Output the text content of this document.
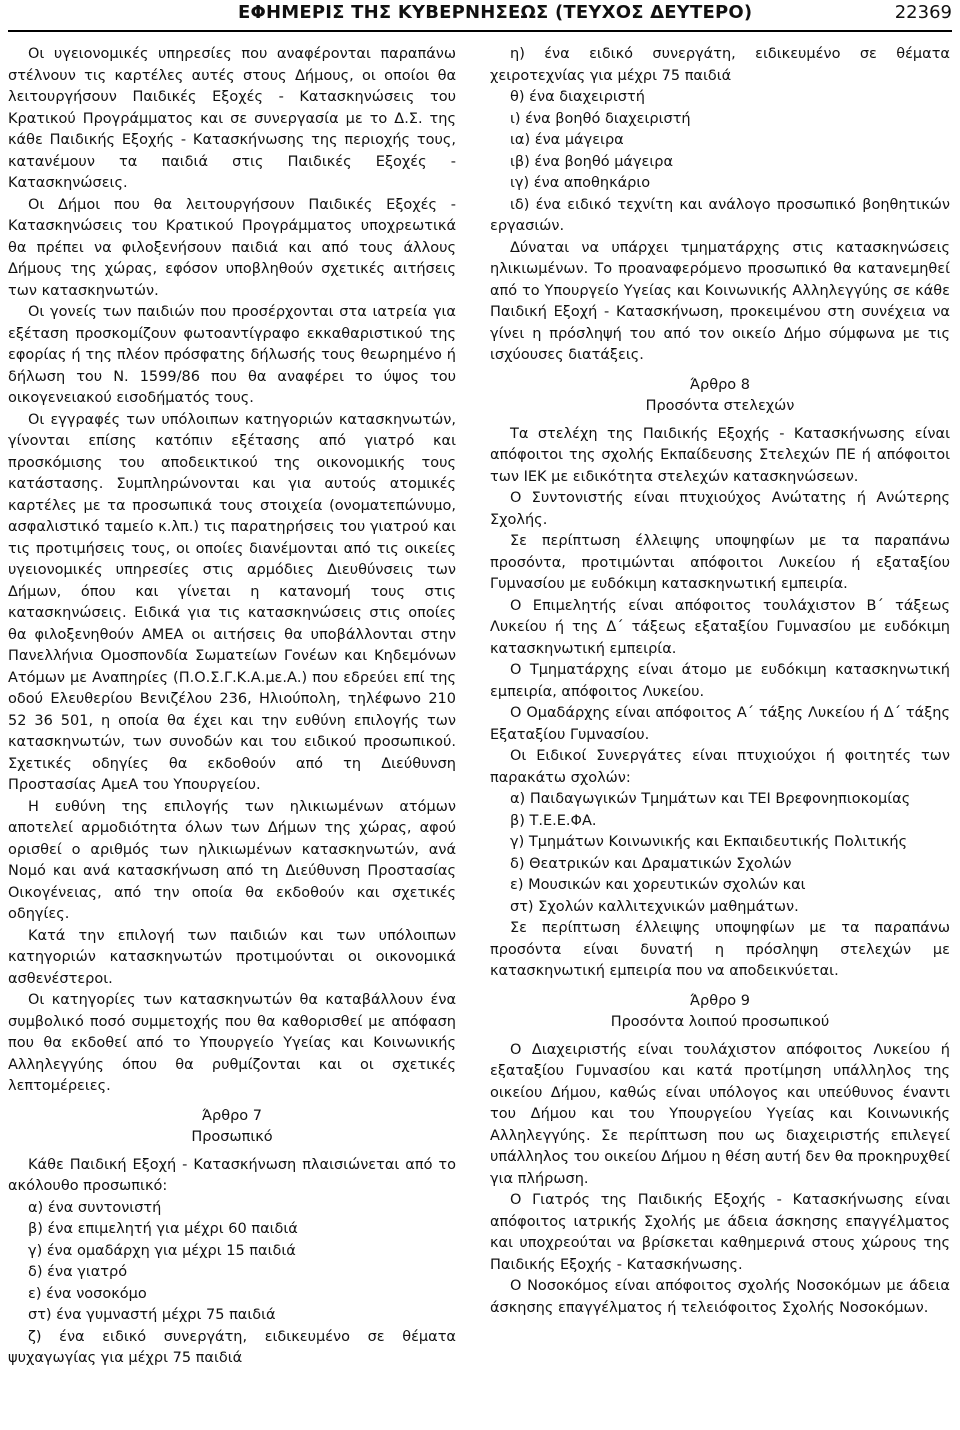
ΕΦΗΜΕΡΙΣ ΤΗΣ ΚΥΒΕΡΝΗΣΕΩΣ (ΤΕΥΧΟΣ ΔΕΥΤΕΡΟ)	22369

Οι υγειονομικές υπηρεσίες που αναφέρονται παραπάνω στέλνουν τις καρτέλες αυτές στους Δήμους, οι οποίοι θα λειτουργήσουν Παιδικές Εξοχές - Κατασκηνώσεις του Κρατικού Προγράμματος και σε συνεργασία με το Δ.Σ. της κάθε Παιδικής Εξοχής - Κατασκήνωσης της περιοχής τους, κατανέμουν τα παιδιά στις Παιδικές Εξοχές - Κατασκηνώσεις.

Οι Δήμοι που θα λειτουργήσουν Παιδικές Εξοχές - Κατασκηνώσεις του Κρατικού Προγράμματος υποχρεωτικά θα πρέπει να φιλοξενήσουν παιδιά και από τους άλλους Δήμους της χώρας, εφόσον υποβληθούν σχετικές αιτήσεις των κατασκηνωτών.

Οι γονείς των παιδιών που προσέρχονται στα ιατρεία για εξέταση προσκομίζουν φωτοαντίγραφο εκκαθαριστικού της εφορίας ή της πλέον πρόσφατης δήλωσής τους θεωρημένο ή δήλωση του Ν. 1599/86 που θα αναφέρει το ύψος του οικογενειακού εισοδήματός τους.

Οι εγγραφές των υπόλοιπων κατηγοριών κατασκηνωτών, γίνονται επίσης κατόπιν εξέτασης από γιατρό και προσκόμισης του αποδεικτικού της οικονομικής τους κατάστασης. Συμπληρώνονται και για αυτούς ατομικές καρτέλες με τα προσωπικά τους στοιχεία (ονοματεπώνυμο, ασφαλιστικό ταμείο κ.λπ.) τις παρατηρήσεις του γιατρού και τις προτιμήσεις τους, οι οποίες διανέμονται από τις οικείες υγειονομικές υπηρεσίες στις αρμόδιες Διευθύνσεις των Δήμων, όπου και γίνεται η κατανομή τους στις κατασκηνώσεις. Ειδικά για τις κατασκηνώσεις στις οποίες θα φιλοξενηθούν ΑΜΕΑ οι αιτήσεις θα υποβάλλονται στην Πανελλήνια Ομοσπονδία Σωματείων Γονέων και Κηδεμόνων Ατόμων με Αναπηρίες (Π.Ο.Σ.Γ.Κ.Α.με.Α.) που εδρεύει επί της οδού Ελευθερίου Βενιζέλου 236, Ηλιούπολη, τηλέφωνο 210 52 36 501, η οποία θα έχει και την ευθύνη επιλογής των κατασκηνωτών, των συνοδών και του ειδικού προσωπικού. Σχετικές οδηγίες θα εκδοθούν από τη Διεύθυνση Προστασίας ΑμεΑ του Υπουργείου.

Η ευθύνη της επιλογής των ηλικιωμένων ατόμων αποτελεί αρμοδιότητα όλων των Δήμων της χώρας, αφού ορισθεί ο αριθμός των ηλικιωμένων κατασκηνωτών, ανά Νομό και ανά κατασκήνωση από τη Διεύθυνση Προστασίας Οικογένειας, από την οποία θα εκδοθούν και σχετικές οδηγίες.

Κατά την επιλογή των παιδιών και των υπόλοιπων κατηγοριών κατασκηνωτών προτιμούνται οι οικονομικά ασθενέστεροι.

Οι κατηγορίες των κατασκηνωτών θα καταβάλλουν ένα συμβολικό ποσό συμμετοχής που θα καθορισθεί με απόφαση που θα εκδοθεί από το Υπουργείο Υγείας και Κοινωνικής Αλληλεγγύης όπου θα ρυθμίζονται και οι σχετικές λεπτομέρειες.

Άρθρο 7

Προσωπικό

Κάθε Παιδική Εξοχή - Κατασκήνωση πλαισιώνεται από το ακόλουθο προσωπικό:

α) ένα συντονιστή

β) ένα επιμελητή για μέχρι 60 παιδιά

γ) ένα ομαδάρχη για μέχρι 15 παιδιά

δ) ένα γιατρό

ε) ένα νοσοκόμο

στ) ένα γυμναστή μέχρι 75 παιδιά

ζ) ένα ειδικό συνεργάτη, ειδικευμένο σε θέματα ψυχαγωγίας για μέχρι 75 παιδιά

η) ένα ειδικό συνεργάτη, ειδικευμένο σε θέματα χειροτεχνίας για μέχρι 75 παιδιά

θ) ένα διαχειριστή

ι) ένα βοηθό διαχειριστή

ια) ένα μάγειρα

ιβ) ένα βοηθό μάγειρα

ιγ) ένα αποθηκάριο

ιδ) ένα ειδικό τεχνίτη και ανάλογο προσωπικό βοηθητικών εργασιών.

Δύναται να υπάρχει τμηματάρχης στις κατασκηνώσεις ηλικιωμένων. Το προαναφερόμενο προσωπικό θα κατανεμηθεί από το Υπουργείο Υγείας και Κοινωνικής Αλληλεγγύης σε κάθε Παιδική Εξοχή - Κατασκήνωση, προκειμένου στη συνέχεια να γίνει η πρόσληψή του από τον οικείο Δήμο σύμφωνα με τις ισχύουσες διατάξεις.

Άρθρο 8

Προσόντα στελεχών

Τα στελέχη της Παιδικής Εξοχής - Κατασκήνωσης είναι απόφοιτοι της σχολής Εκπαίδευσης Στελεχών ΠΕ ή απόφοιτοι των ΙΕΚ με ειδικότητα στελεχών κατασκηνώσεων.

Ο Συντονιστής είναι πτυχιούχος Ανώτατης ή Ανώτερης Σχολής.

Σε περίπτωση έλλειψης υποψηφίων με τα παραπάνω προσόντα, προτιμώνται απόφοιτοι Λυκείου ή εξαταξίου Γυμνασίου με ευδόκιμη κατασκηνωτική εμπειρία.

Ο Επιμελητής είναι απόφοιτος τουλάχιστον Β΄ τάξεως Λυκείου ή της Δ΄ τάξεως εξαταξίου Γυμνασίου με ευδόκιμη κατασκηνωτική εμπειρία.

Ο Τμηματάρχης είναι άτομο με ευδόκιμη κατασκηνωτική εμπειρία, απόφοιτος Λυκείου.

Ο Ομαδάρχης είναι απόφοιτος Α΄ τάξης Λυκείου ή Δ΄ τάξης Εξαταξίου Γυμνασίου.

Οι Ειδικοί Συνεργάτες είναι πτυχιούχοι ή φοιτητές των παρακάτω σχολών:

α) Παιδαγωγικών Τμημάτων και ΤΕΙ Βρεφονηπιοκομίας

β) Τ.Ε.Ε.ΦΑ.

γ) Τμημάτων Κοινωνικής και Εκπαιδευτικής Πολιτικής

δ) Θεατρικών και Δραματικών Σχολών

ε) Μουσικών και χορευτικών σχολών και

στ) Σχολών καλλιτεχνικών μαθημάτων.

Σε περίπτωση έλλειψης υποψηφίων με τα παραπάνω προσόντα είναι δυνατή η πρόσληψη στελεχών με κατασκηνωτική εμπειρία που να αποδεικνύεται.

Άρθρο 9

Προσόντα λοιπού προσωπικού

Ο Διαχειριστής είναι τουλάχιστον απόφοιτος Λυκείου ή εξαταξίου Γυμνασίου και κατά προτίμηση υπάλληλος της οικείου Δήμου, καθώς είναι υπόλογος και υπεύθυνος έναντι του Δήμου και του Υπουργείου Υγείας και Κοινωνικής Αλληλεγγύης. Σε περίπτωση που ως διαχειριστής επιλεγεί υπάλληλος του οικείου Δήμου η θέση αυτή δεν θα προκηρυχθεί για πλήρωση.

Ο Γιατρός της Παιδικής Εξοχής - Κατασκήνωσης είναι απόφοιτος ιατρικής Σχολής με άδεια άσκησης επαγγέλματος και υποχρεούται να βρίσκεται καθημερινά στους χώρους της Παιδικής Εξοχής - Κατασκήνωσης.

Ο Νοσοκόμος είναι απόφοιτος σχολής Νοσοκόμων με άδεια άσκησης επαγγέλματος ή τελειόφοιτος Σχολής Νοσοκόμων.
